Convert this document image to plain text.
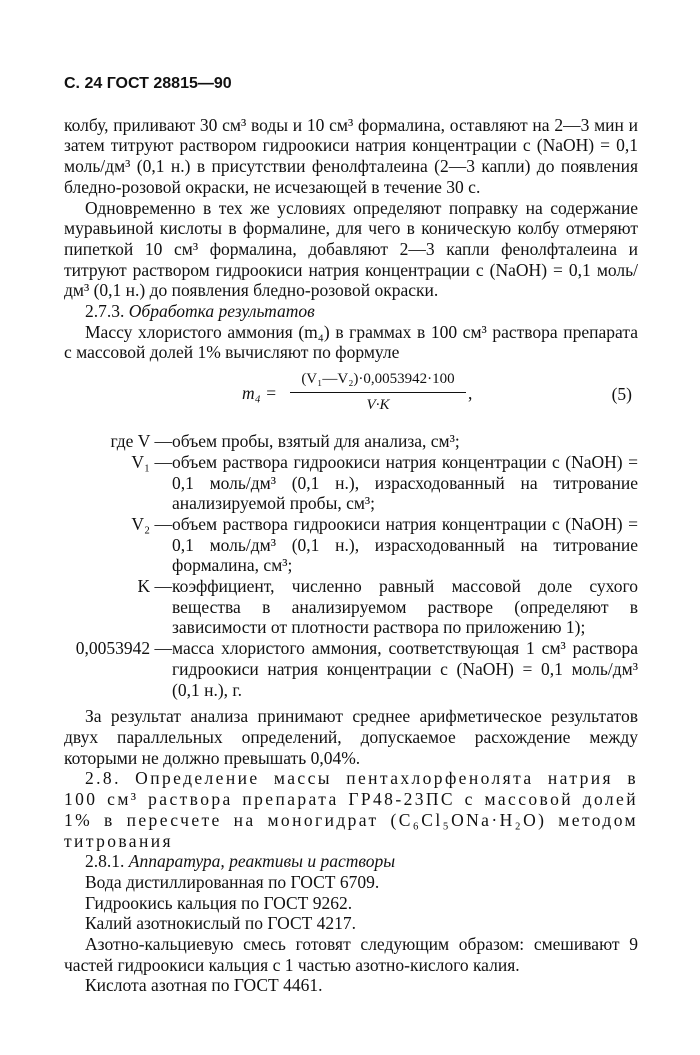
С. 24 ГОСТ 28815—90

колбу, приливают 30 см³ воды и 10 см³ формалина, оставляют на 2—3 мин и затем титруют раствором гидроокиси натрия концентрации c (NaOH) = 0,1 моль/дм³ (0,1 н.) в присутствии фенолфталеина (2—3 капли) до появления бледно-розовой окраски, не исчезающей в течение 30 с.

Одновременно в тех же условиях определяют поправку на содержание муравьиной кислоты в формалине, для чего в коническую колбу отмеряют пипеткой 10 см³ формалина, добавляют 2—3 капли фенолфталеина и титруют раствором гидроокиси натрия концентрации c (NaOH) = 0,1 моль/дм³ (0,1 н.) до появления бледно-розовой окраски.

2.7.3. Обработка результатов

Массу хлористого аммония (m₄) в граммах в 100 см³ раствора препарата с массовой долей 1% вычисляют по формуле

$m_4 = \frac{\text{(V₁—V₂)·0,0053942·100}}{V\cdot K}$ ,	(5)
где V — объем пробы, взятый для анализа, см³;
V₁ — объем раствора гидроокиси натрия концентрации c (NaOH) = 0,1 моль/дм³ (0,1 н.), израсходованный на титрование анализируемой пробы, см³;
V₂ — объем раствора гидроокиси натрия концентрации c (NaOH) = 0,1 моль/дм³ (0,1 н.), израсходованный на титрование формалина, см³;
K — коэффициент, численно равный массовой доле сухого вещества в анализируемом растворе (определяют в зависимости от плотности раствора по приложению 1);
0,0053942 — масса хлористого аммония, соответствующая 1 см³ раствора гидроокиси натрия концентрации c (NaOH) = 0,1 моль/дм³ (0,1 н.), г.

За результат анализа принимают среднее арифметическое результатов двух параллельных определений, допускаемое расхождение между которыми не должно превышать 0,04%.

2.8. Определение массы пентахлорфенолята натрия в 100 см³ раствора препарата ГР48-23ПС с массовой долей 1% в пересчете на моногидрат (C₆Cl₅ONa·H₂O) методом титрования

2.8.1. Аппаратура, реактивы и растворы

Вода дистиллированная по ГОСТ 6709.

Гидроокись кальция по ГОСТ 9262.

Калий азотнокислый по ГОСТ 4217.

Азотно-кальциевую смесь готовят следующим образом: смешивают 9 частей гидроокиси кальция с 1 частью азотно-кислого калия.

Кислота азотная по ГОСТ 4461.
